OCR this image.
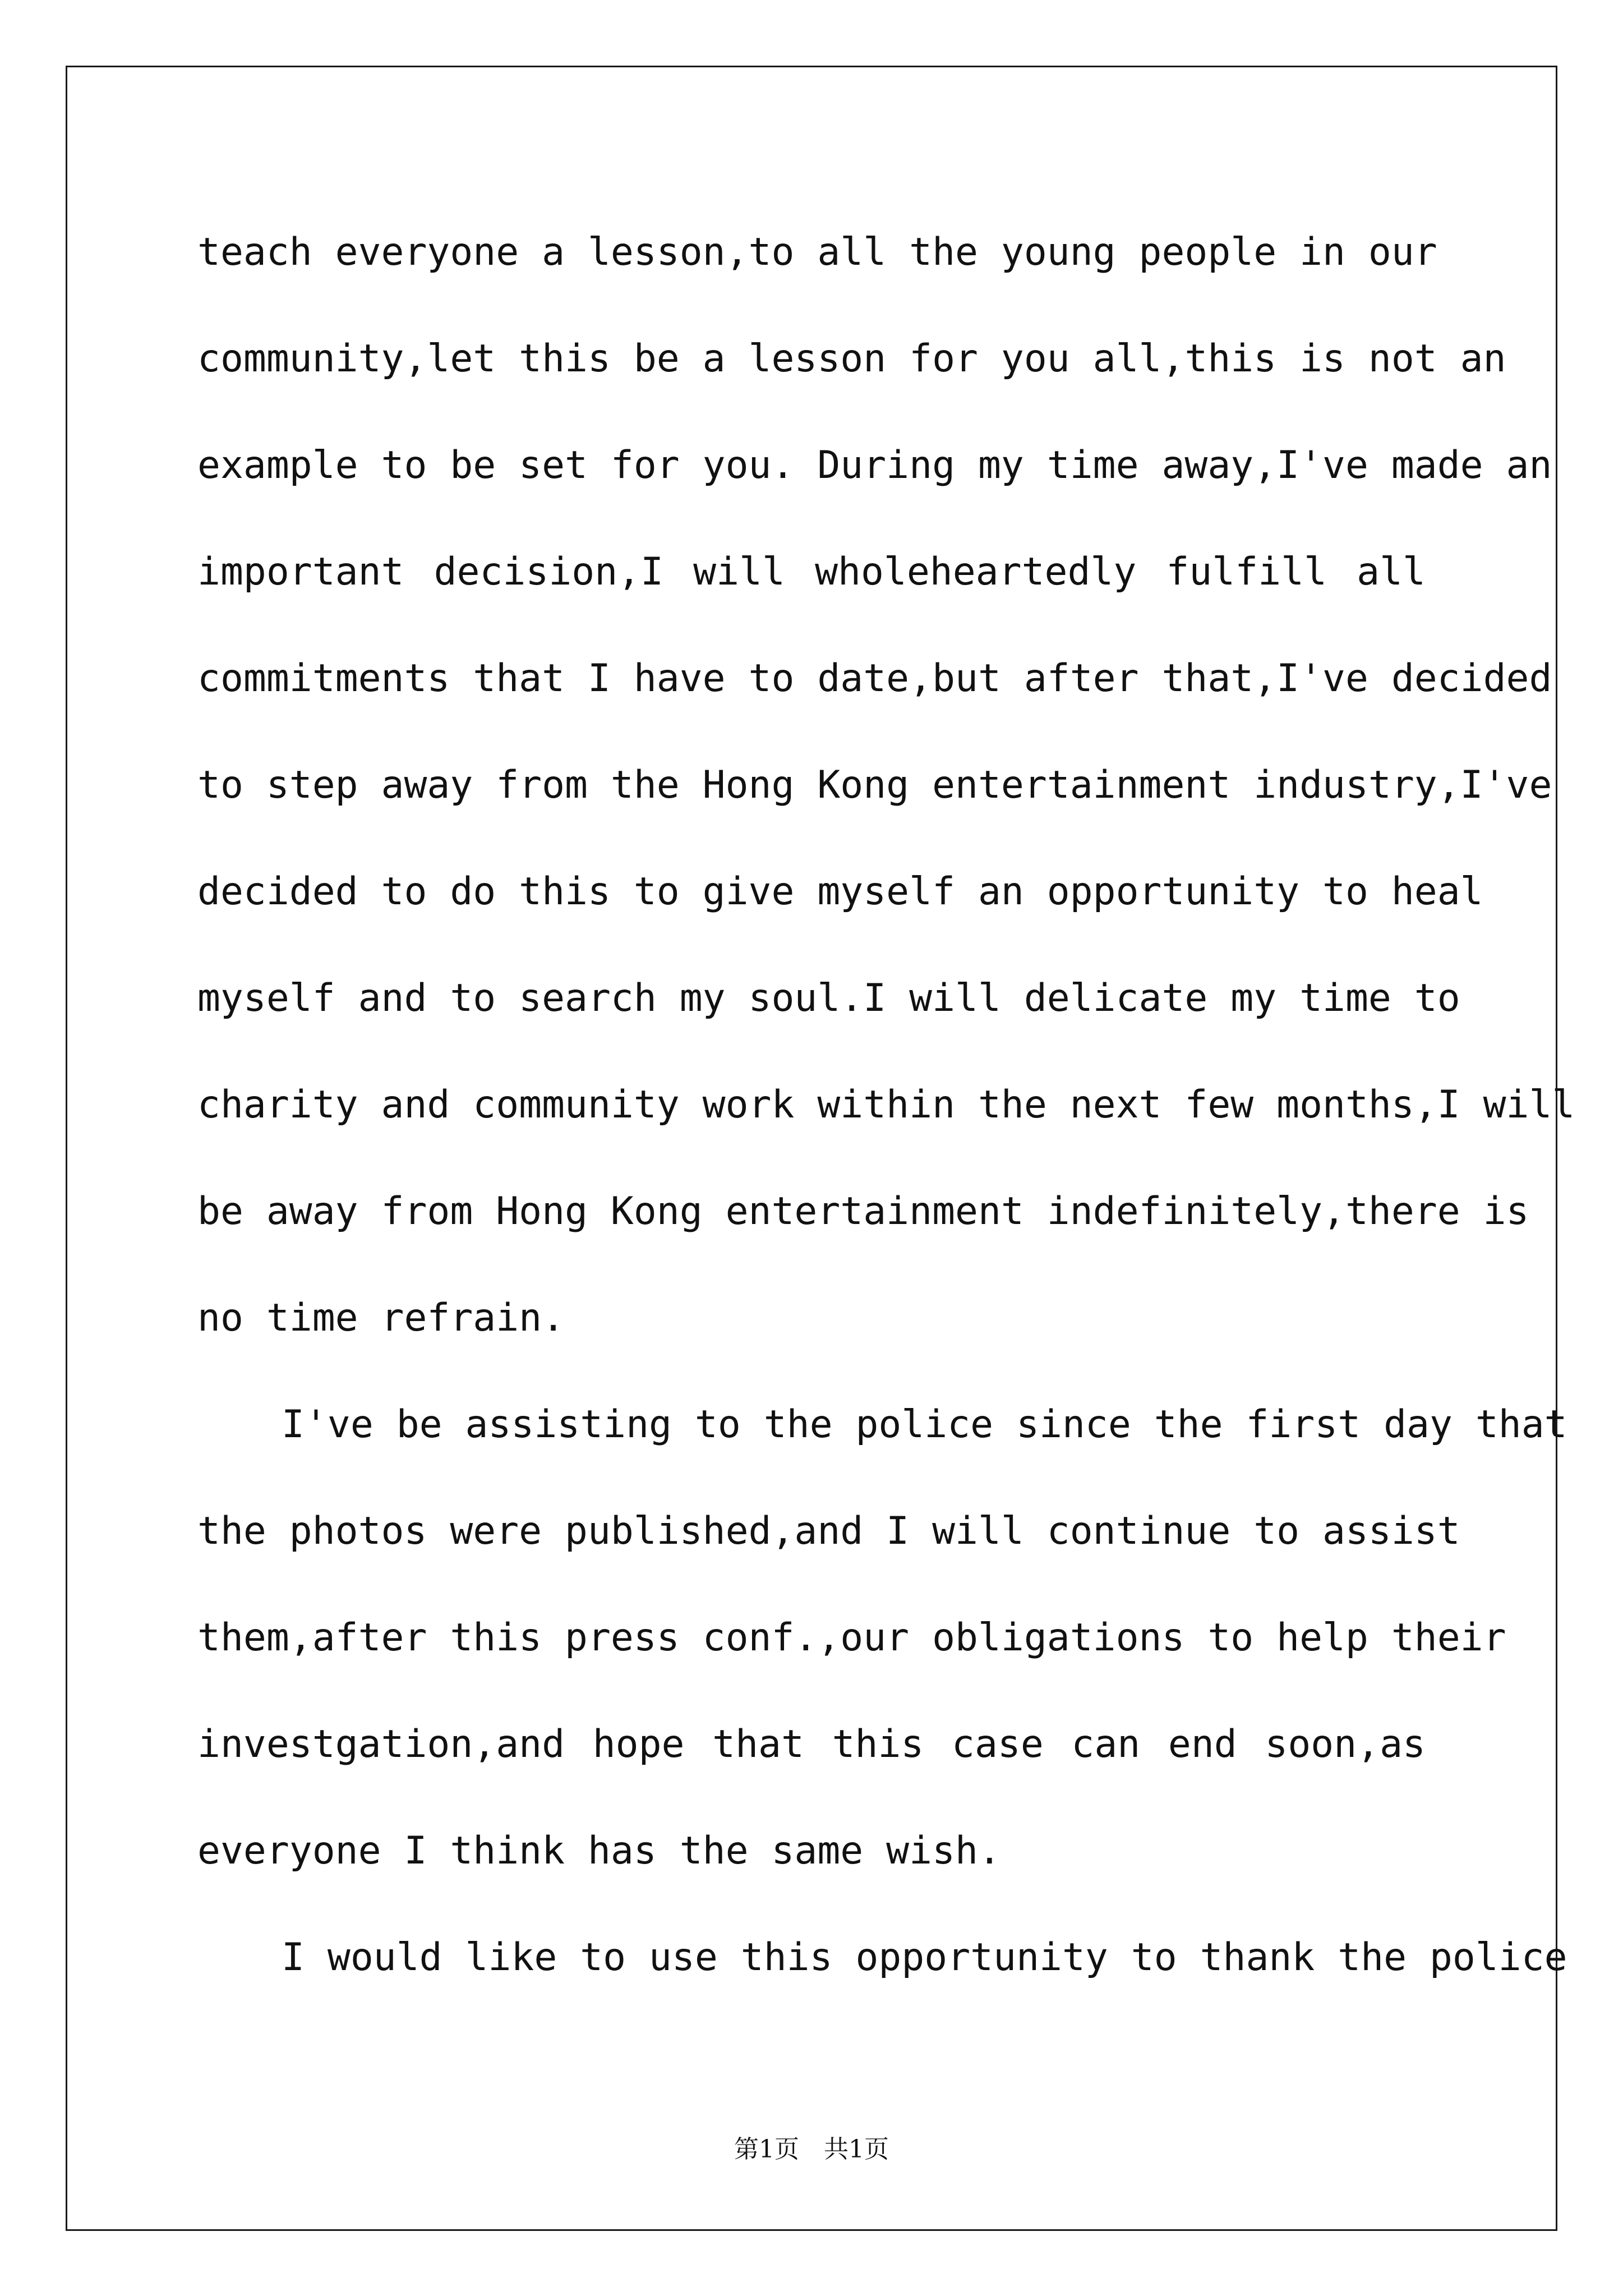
teach everyone a lesson,to all the young people in our
community,let this be a lesson for you all,this is not an
example to be set for you. During my time away,I've made an
important decision,I will wholeheartedly fulfill all
commitments that I have to date,but after that,I've decided
to step away from the Hong Kong entertainment industry,I've
decided to do this to give myself an opportunity to heal
myself and to search my soul.I will delicate my time to
charity and community work within the next few months,I will
be away from Hong Kong entertainment indefinitely,there is
no time refrain.
I've be assisting to the police since the first day that
the photos were published,and I will continue to assist
them,after this press conf.,our obligations to help their
investgation,and hope that this case can end soon,as
everyone I think has the same wish.
I would like to use this opportunity to thank the police
第1页　共1页
